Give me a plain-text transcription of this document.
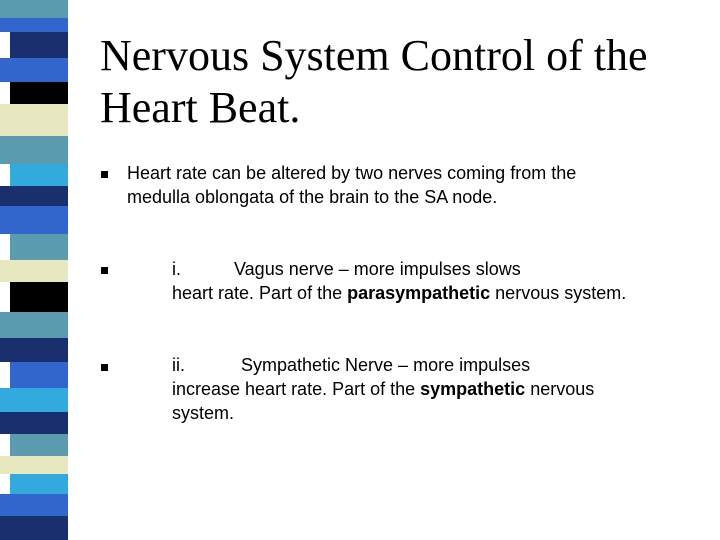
Nervous System Control of the
Heart Beat.
Heart rate can be altered by two nerves coming from the
medulla oblongata of the brain to the SA node.
i.	Vagus nerve – more impulses slows
heart rate. Part of the parasympathetic nervous system.
ii.	Sympathetic Nerve – more impulses
increase heart rate. Part of the sympathetic nervous
system.
